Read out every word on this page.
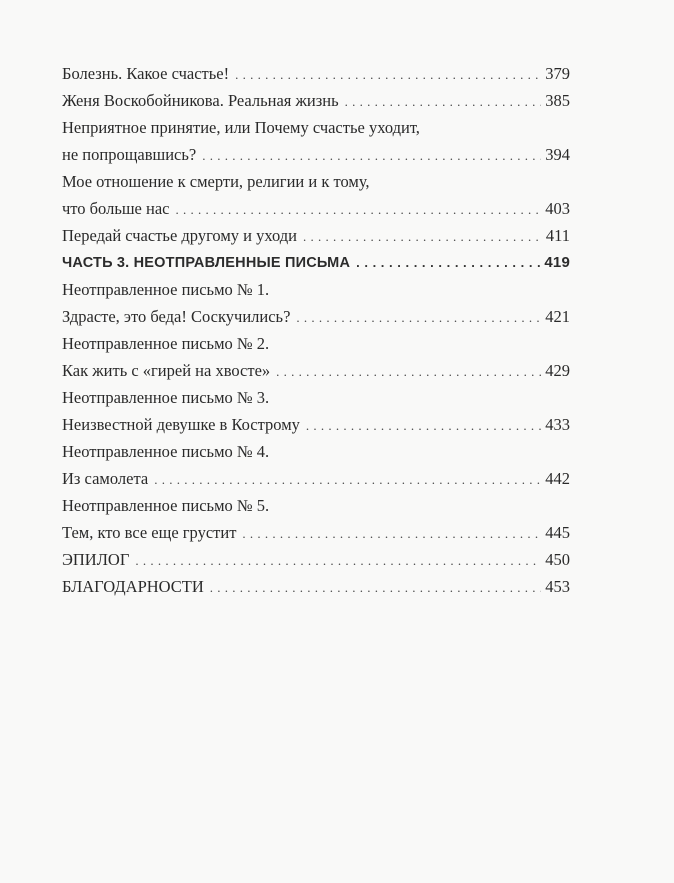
Болезнь. Какое счастье! . . .	379
Женя Воскобойникова. Реальная жизнь . . .	385
Неприятное принятие, или Почему счастье уходит,
не попрощавшись? . . .	394
Мое отношение к смерти, религии и к тому,
что больше нас . . .	403
Передай счастье другому и уходи . . .	411
ЧАСТЬ 3. НЕОТПРАВЛЕННЫЕ ПИСЬМА . . .	419
Неотправленное письмо № 1.
Здрасте, это беда! Соскучились? . . .	421
Неотправленное письмо № 2.
Как жить с «гирей на хвосте» . . .	429
Неотправленное письмо № 3.
Неизвестной девушке в Кострому . . .	433
Неотправленное письмо № 4.
Из самолета . . .	442
Неотправленное письмо № 5.
Тем, кто все еще грустит . . .	445
ЭПИЛОГ . . .	450
БЛАГОДАРНОСТИ . . .	453
